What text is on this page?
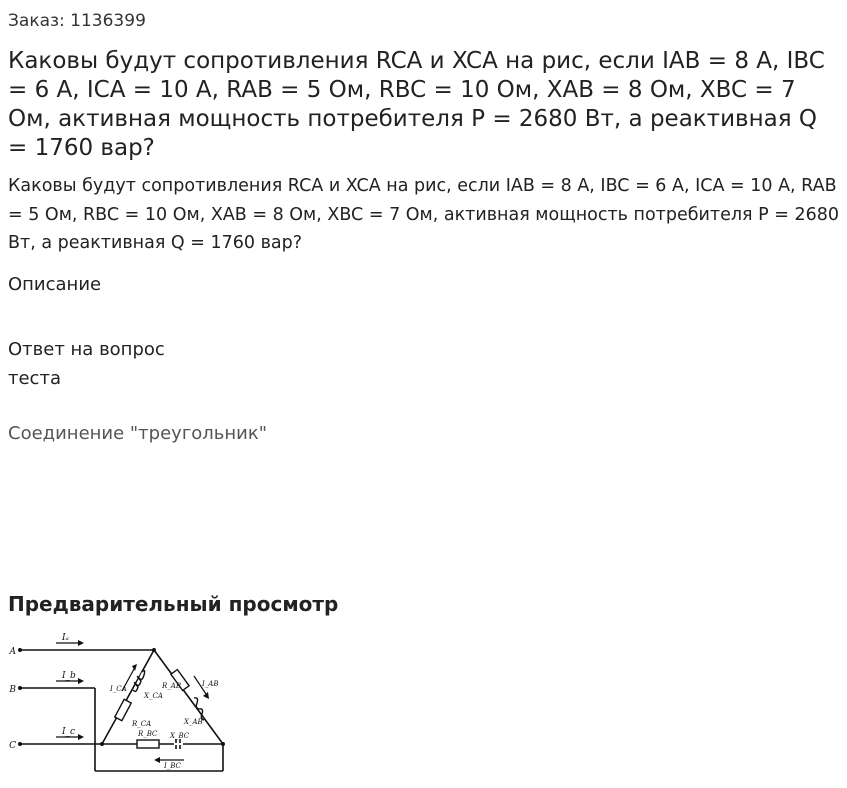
Заказ: 1136399
Каковы будут сопротивления RCA и XCA на рис, если IAB = 8 А, IBC = 6 А, ICA = 10 А, RAB = 5 Ом, RBC = 10 Ом, XAB = 8 Ом, XBC = 7 Ом, активная мощность потребителя P = 2680 Вт, а реактивная Q = 1760 вар?
Каковы будут сопротивления RCA и XCA на рис, если IAB = 8 А, IBC = 6 А, ICA = 10 А, RAB = 5 Ом, RBC = 10 Ом, XAB = 8 Ом, XBC = 7 Ом, активная мощность потребителя P = 2680 Вт, а реактивная Q = 1760 вар?
Описание
Ответ на вопрос теста
Соединение "треугольник"
Предварительный просмотр
A
B
C
Iₐ
I_b
I_c
I_CA
X_CA
R_CA
R_AB	I_AB
X_AB
R_BC X_BC
I_BC
